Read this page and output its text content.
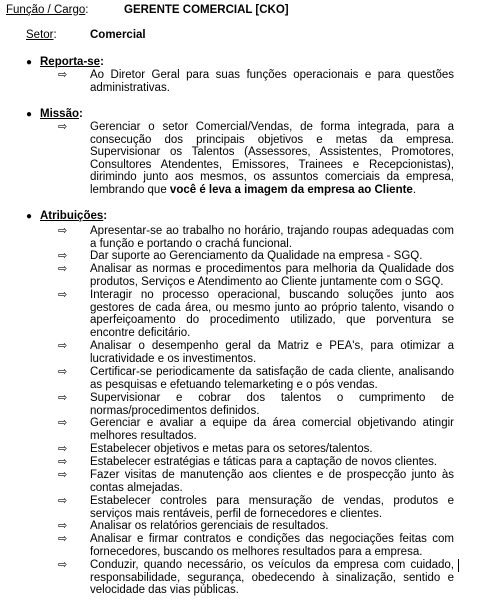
Função / Cargo:	GERENTE COMERCIAL [CKO]
Setor:	Comercial
● Reporta-se:
⇨ Ao Diretor Geral para suas funções operacionais e para questões administrativas.
● Missão:
⇨ Gerenciar o setor Comercial/Vendas, de forma integrada, para a consecução dos principais objetivos e metas da empresa. Supervisionar os Talentos (Assessores, Assistentes, Promotores, Consultores Atendentes, Emissores, Trainees e Recepcionistas), dirimindo junto aos mesmos, os assuntos comerciais da empresa, lembrando que você é leva a imagem da empresa ao Cliente.
● Atribuições:
⇨ Apresentar-se ao trabalho no horário, trajando roupas adequadas com a função e portando o crachá funcional.
⇨ Dar suporte ao Gerenciamento da Qualidade na empresa - SGQ.
⇨ Analisar as normas e procedimentos para melhoria da Qualidade dos produtos, Serviços e Atendimento ao Cliente juntamente com o SGQ.
⇨ Interagir no processo operacional, buscando soluções junto aos gestores de cada área, ou mesmo junto ao próprio talento, visando o aperfeiçoamento do procedimento utilizado, que porventura se encontre deficitário.
⇨ Analisar o desempenho geral da Matriz e PEA's, para otimizar a lucratividade e os investimentos.
⇨ Certificar-se periodicamente da satisfação de cada cliente, analisando as pesquisas e efetuando telemarketing e o pós vendas.
⇨ Supervisionar e cobrar dos talentos o cumprimento de normas/procedimentos definidos.
⇨ Gerenciar e avaliar a equipe da área comercial objetivando atingir melhores resultados.
⇨ Estabelecer objetivos e metas para os setores/talentos.
⇨ Estabelecer estratégias e táticas para a captação de novos clientes.
⇨ Fazer visitas de manutenção aos clientes e de prospecção junto às contas almejadas.
⇨ Estabelecer controles para mensuração de vendas, produtos e serviços mais rentáveis, perfil de fornecedores e clientes.
⇨ Analisar os relatórios gerenciais de resultados.
⇨ Analisar e firmar contratos e condições das negociações feitas com fornecedores, buscando os melhores resultados para a empresa.
⇨ Conduzir, quando necessário, os veículos da empresa com cuidado, responsabilidade, segurança, obedecendo à sinalização, sentido e velocidade das vias públicas.
